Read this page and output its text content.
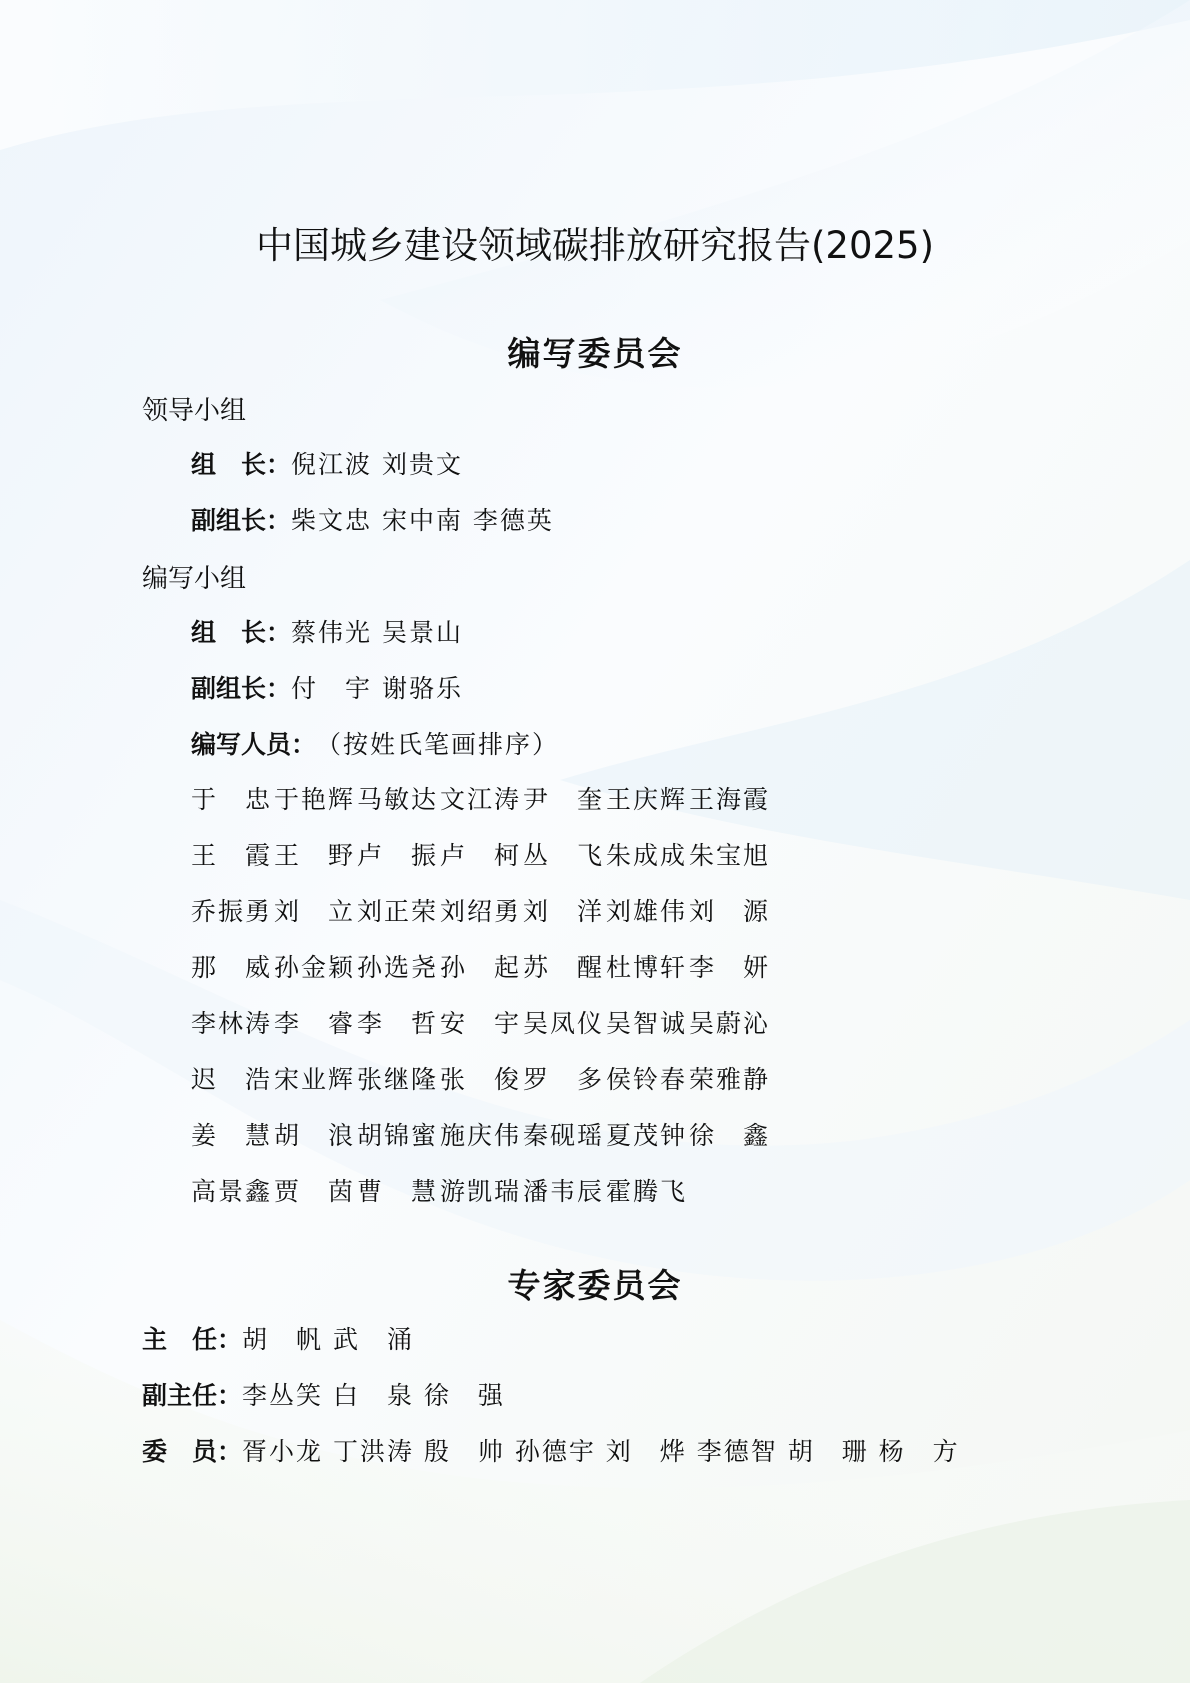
中国城乡建设领域碳排放研究报告(2025)
编写委员会
领导小组
组　长：倪江波 刘贵文
副组长：柴文忠 宋中南 李德英
编写小组
组　长：蔡伟光 吴景山
副组长：付　宇 谢骆乐
编写人员：（按姓氏笔画排序）
于　忠于艳辉马敏达文江涛尹　奎王庆辉王海霞
王　霞王　野卢　振卢　柯丛　飞朱成成朱宝旭
乔振勇刘　立刘正荣刘绍勇刘　洋刘雄伟刘　源
那　威孙金颖孙选尧孙　起苏　醒杜博轩李　妍
李林涛李　睿李　哲安　宇吴凤仪吴智诚吴蔚沁
迟　浩宋业辉张继隆张　俊罗　多侯铃春荣雅静
姜　慧胡　浪胡锦蜜施庆伟秦砚瑶夏茂钟徐　鑫
高景鑫贾　茵曹　慧游凯瑞潘韦辰霍腾飞
专家委员会
主　任：胡　帆 武　涌
副主任：李丛笑 白　泉 徐　强
委　员：胥小龙 丁洪涛 殷　帅 孙德宇 刘　烨 李德智 胡　珊 杨　方
